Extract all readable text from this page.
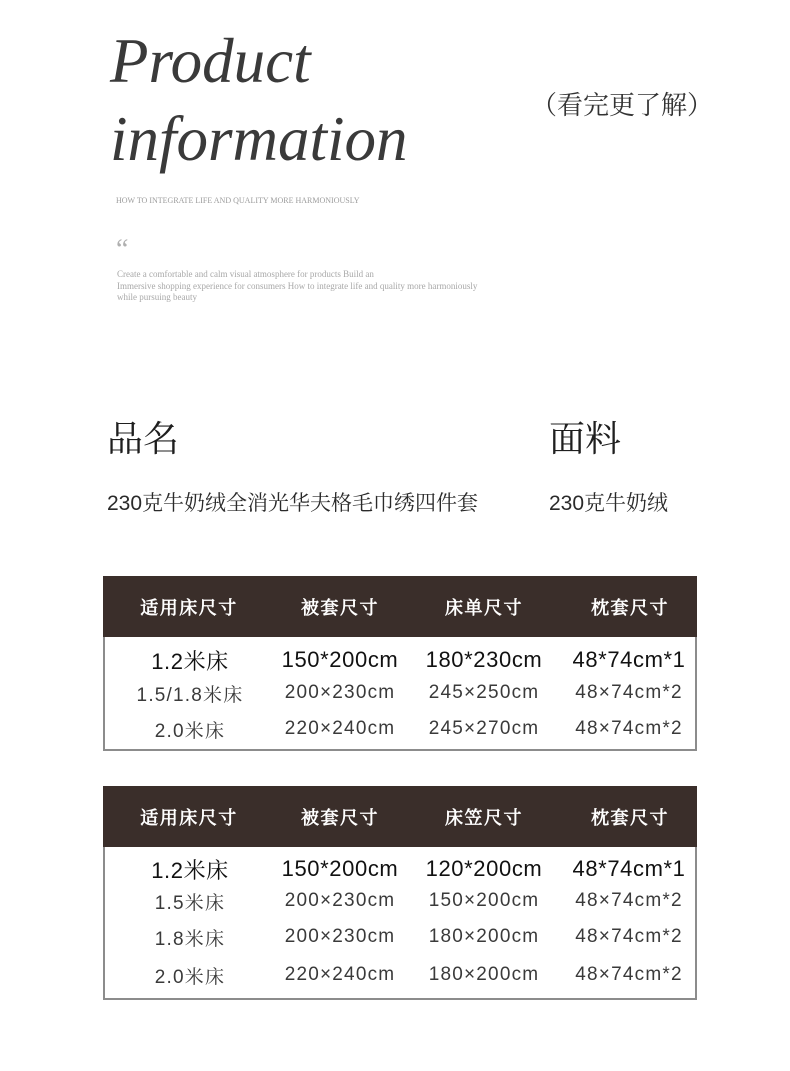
Product
information	（看完更了解）
HOW TO INTEGRATE LIFE AND QUALITY MORE HARMONIOUSLY
“
Create a comfortable and calm visual atmosphere for products Build an
Immersive shopping experience for consumers How to integrate life and quality more harmoniously
while pursuing beauty
品名	面料
230克牛奶绒全消光华夫格毛巾绣四件套	230克牛奶绒
适用床尺寸	被套尺寸	床单尺寸	枕套尺寸
1.2米床	150*200cm	180*230cm	48*74cm*1
1.5/1.8米床	200×230cm	245×250cm	48×74cm*2
2.0米床	220×240cm	245×270cm	48×74cm*2
适用床尺寸	被套尺寸	床笠尺寸	枕套尺寸
1.2米床	150*200cm	120*200cm	48*74cm*1
1.5米床	200×230cm	150×200cm	48×74cm*2
1.8米床	200×230cm	180×200cm	48×74cm*2
2.0米床	220×240cm	180×200cm	48×74cm*2
